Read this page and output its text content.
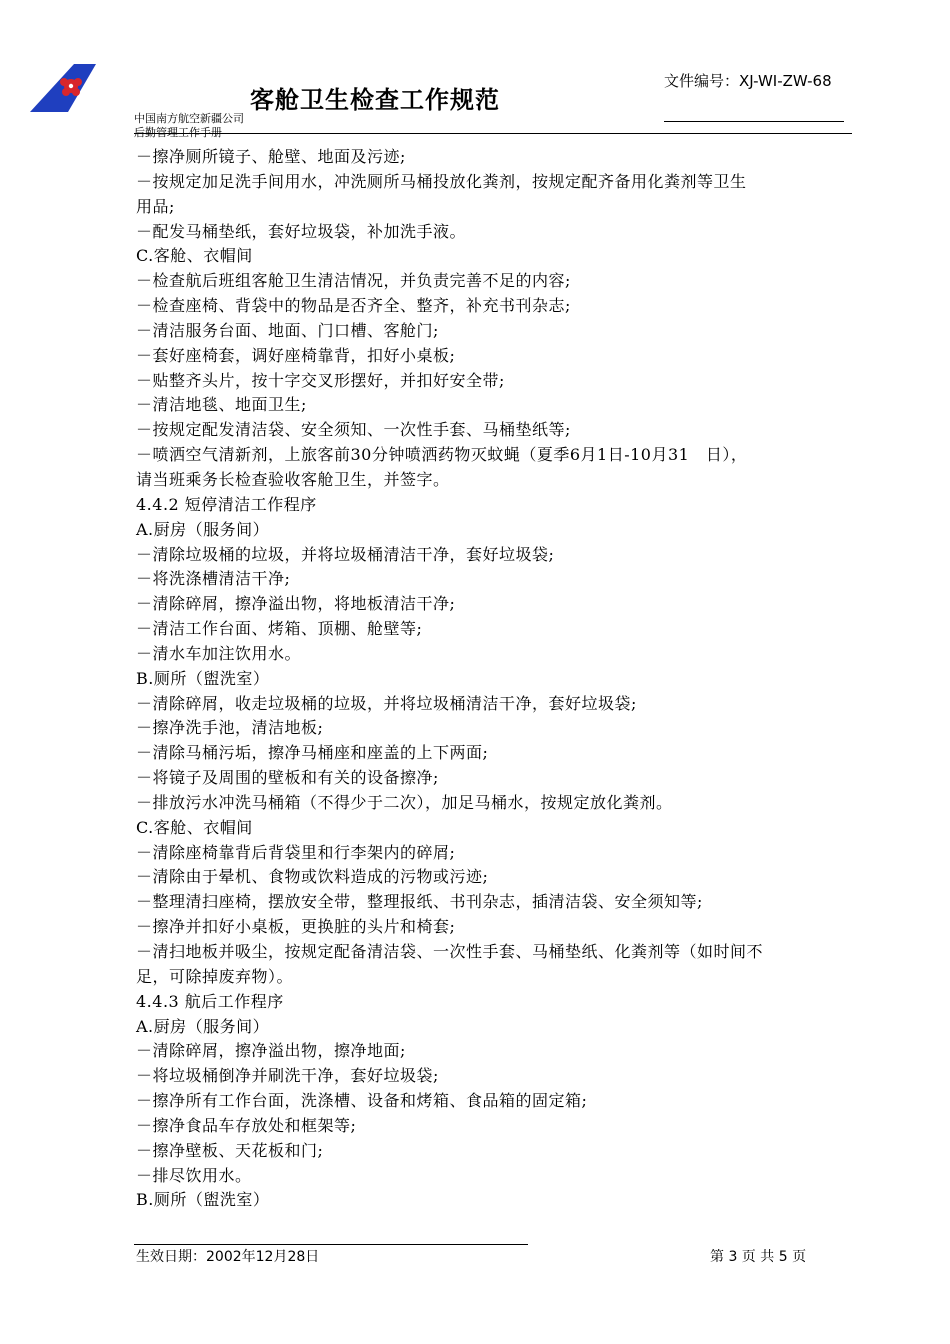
客舱卫生检查工作规范
文件编号：XJ-WI-ZW-68
中国南方航空新疆公司
后勤管理工作手册
－擦净厕所镜子、舱壁、地面及污迹;
－按规定加足洗手间用水，冲洗厕所马桶投放化粪剂，按规定配齐备用化粪剂等卫生
用品;
－配发马桶垫纸，套好垃圾袋，补加洗手液。
C.客舱、衣帽间
－检查航后班组客舱卫生清洁情况，并负责完善不足的内容;
－检查座椅、背袋中的物品是否齐全、整齐，补充书刊杂志;
－清洁服务台面、地面、门口槽、客舱门;
－套好座椅套，调好座椅靠背，扣好小桌板;
－贴整齐头片，按十字交叉形摆好，并扣好安全带;
－清洁地毯、地面卫生;
－按规定配发清洁袋、安全须知、一次性手套、马桶垫纸等;
－喷洒空气清新剂，上旅客前30分钟喷洒药物灭蚊蝇（夏季6月1日-10月31　日），
请当班乘务长检查验收客舱卫生，并签字。
4.4.2 短停清洁工作程序
A.厨房（服务间）
－清除垃圾桶的垃圾，并将垃圾桶清洁干净，套好垃圾袋;
－将洗涤槽清洁干净;
－清除碎屑，擦净溢出物，将地板清洁干净;
－清洁工作台面、烤箱、顶棚、舱壁等;
－清水车加注饮用水。
B.厕所（盥洗室）
－清除碎屑，收走垃圾桶的垃圾，并将垃圾桶清洁干净，套好垃圾袋;
－擦净洗手池，清洁地板;
－清除马桶污垢，擦净马桶座和座盖的上下两面;
－将镜子及周围的壁板和有关的设备擦净;
－排放污水冲洗马桶箱（不得少于二次），加足马桶水，按规定放化粪剂。
C.客舱、衣帽间
－清除座椅靠背后背袋里和行李架内的碎屑;
－清除由于晕机、食物或饮料造成的污物或污迹;
－整理清扫座椅，摆放安全带，整理报纸、书刊杂志，插清洁袋、安全须知等;
－擦净并扣好小桌板，更换脏的头片和椅套;
－清扫地板并吸尘，按规定配备清洁袋、一次性手套、马桶垫纸、化粪剂等（如时间不
足，可除掉废弃物）。
4.4.3 航后工作程序
A.厨房（服务间）
－清除碎屑，擦净溢出物，擦净地面;
－将垃圾桶倒净并刷洗干净，套好垃圾袋;
－擦净所有工作台面，洗涤槽、设备和烤箱、食品箱的固定箱;
－擦净食品车存放处和框架等;
－擦净壁板、天花板和门;
－排尽饮用水。
B.厕所（盥洗室）
生效日期：2002年12月28日	第 3 页 共 5 页
